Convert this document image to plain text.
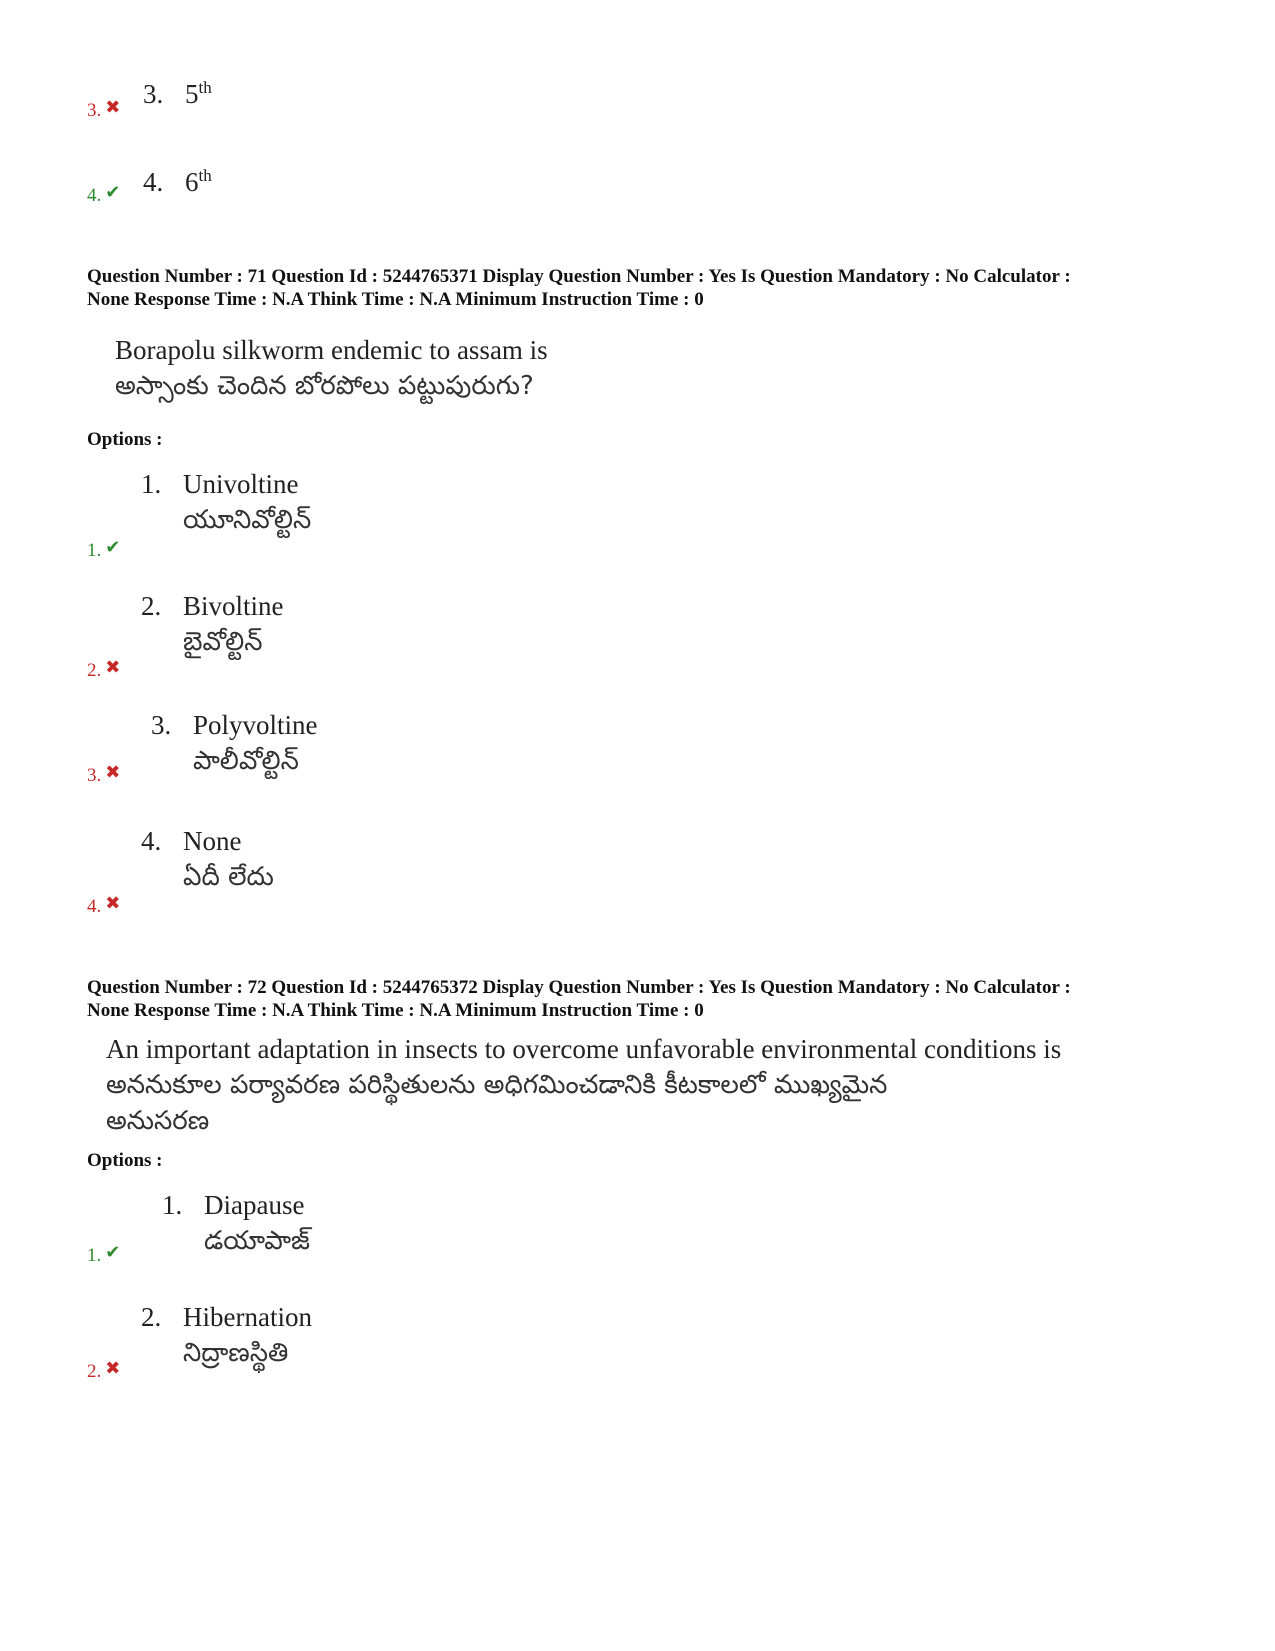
3. 5th
3. ✖
4. 6th
4. ✔
Question Number : 71 Question Id : 5244765371 Display Question Number : Yes Is Question Mandatory : No Calculator :
None Response Time : N.A Think Time : N.A Minimum Instruction Time : 0
Borapolu silkworm endemic to assam is
అస్సాంకు చెందిన బోరపోలు పట్టుపురుగు?
Options :
1. Univoltine
యూనివోల్టిన్
1. ✔
2. Bivoltine
బైవోల్టిన్
2. ✖
3. Polyvoltine
పాలీవోల్టిన్
3. ✖
4. None
ఏదీ లేదు
4. ✖
Question Number : 72 Question Id : 5244765372 Display Question Number : Yes Is Question Mandatory : No Calculator :
None Response Time : N.A Think Time : N.A Minimum Instruction Time : 0
An important adaptation in insects to overcome unfavorable environmental conditions is
అననుకూల పర్యావరణ పరిస్థితులను అధిగమించడానికి కీటకాలలో ముఖ్యమైన
అనుసరణ
Options :
1. Diapause
డయాపాజ్
1. ✔
2. Hibernation
నిద్రాణస్థితి
2. ✖
